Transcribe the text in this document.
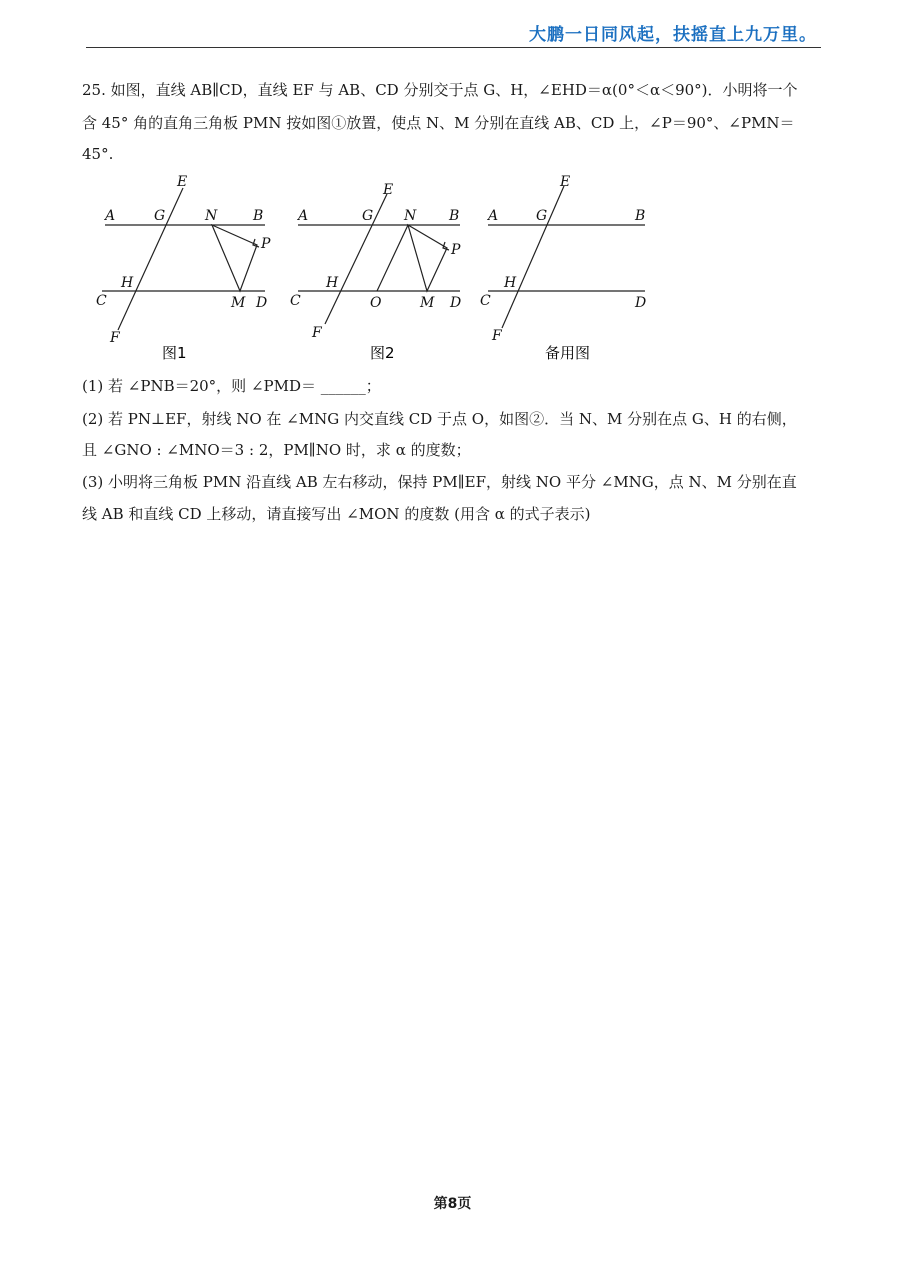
大鹏一日同风起，扶摇直上九万里。
25. 如图，直线 AB∥CD，直线 EF 与 AB、CD 分别交于点 G、H，∠EHD＝α(0°＜α＜90°)．小明将一个
含 45° 角的直角三角板 PMN 按如图①放置，使点 N、M 分别在直线 AB、CD 上，∠P＝90°、∠PMN＝
45°.
A	G	N	B
P
H
C	M D
E
F
A	G N B
P
H
C	O	M D
E
F
A	G	B
H
C	D
E
F
图1	图2	备用图
(1) 若 ∠PNB＝20°，则 ∠PMD＝ ______；
(2) 若 PN⊥EF，射线 NO 在 ∠MNG 内交直线 CD 于点 O，如图②．当 N、M 分别在点 G、H 的右侧，
且 ∠GNO : ∠MNO＝3 : 2，PM∥NO 时，求 α 的度数；
(3) 小明将三角板 PMN 沿直线 AB 左右移动，保持 PM∥EF，射线 NO 平分 ∠MNG，点 N、M 分别在直
线 AB 和直线 CD 上移动，请直接写出 ∠MON 的度数 (用含 α 的式子表示)
第8页
